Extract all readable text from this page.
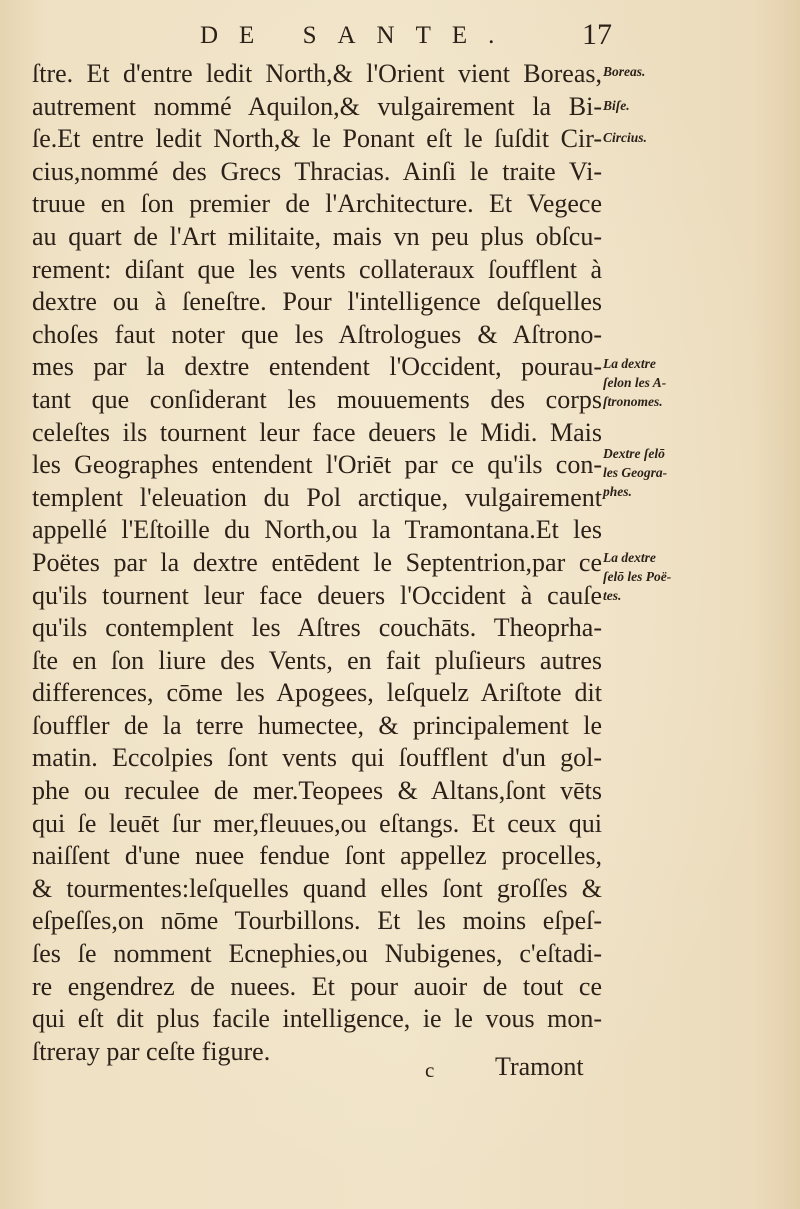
DE SANTE. 17
ſtre. Et d'entre ledit North,& l'Orient vient Boreas,
autrement nommé Aquilon,& vulgairement la Bi-
ſe.Et entre ledit North,& le Ponant eſt le ſuſdit Cir-
cius,nommé des Grecs Thracias. Ainſi le traite Vi-
truue en ſon premier de l'Architecture. Et Vegece
au quart de l'Art militaite, mais vn peu plus obſcu-
rement: diſant que les vents collateraux ſoufflent à
dextre ou à ſeneſtre. Pour l'intelligence deſquelles
choſes faut noter que les Aſtrologues & Aſtrono-
mes par la dextre entendent l'Occident, pourau-
tant que conſiderant les mouuements des corps
celeſtes ils tournent leur face deuers le Midi. Mais
les Geographes entendent l'Oriēt par ce qu'ils con-
templent l'eleuation du Pol arctique, vulgairement
appellé l'Eſtoille du North,ou la Tramontana.Et les
Poëtes par la dextre entēdent le Septentrion,par ce
qu'ils tournent leur face deuers l'Occident à cauſe
qu'ils contemplent les Aſtres couchāts. Theoprha-
ſte en ſon liure des Vents, en fait pluſieurs autres
differences, cōme les Apogees, leſquelz Ariſtote dit
ſouffler de la terre humectee, & principalement le
matin. Eccolpies ſont vents qui ſoufflent d'un gol-
phe ou reculee de mer.Teopees & Altans,ſont vēts
qui ſe leuēt ſur mer,fleuues,ou eſtangs. Et ceux qui
naiſſent d'une nuee fendue ſont appellez procelles,
& tourmentes:leſquelles quand elles ſont groſſes &
eſpeſſes,on nōme Tourbillons. Et les moins eſpeſ-
ſes ſe nomment Ecnephies,ou Nubigenes, c'eſtadi-
re engendrez de nuees. Et pour auoir de tout ce
qui eſt dit plus facile intelligence, ie le vous mon-
ſtreray par ceſte figure.
Boreas.
Biſe.
Circius.
La dextre
ſelon les A-
ſtronomes.
Dextre ſelō
les Geogra-
phes.
La dextre
ſelō les Poë-
tes.
c Tramont
